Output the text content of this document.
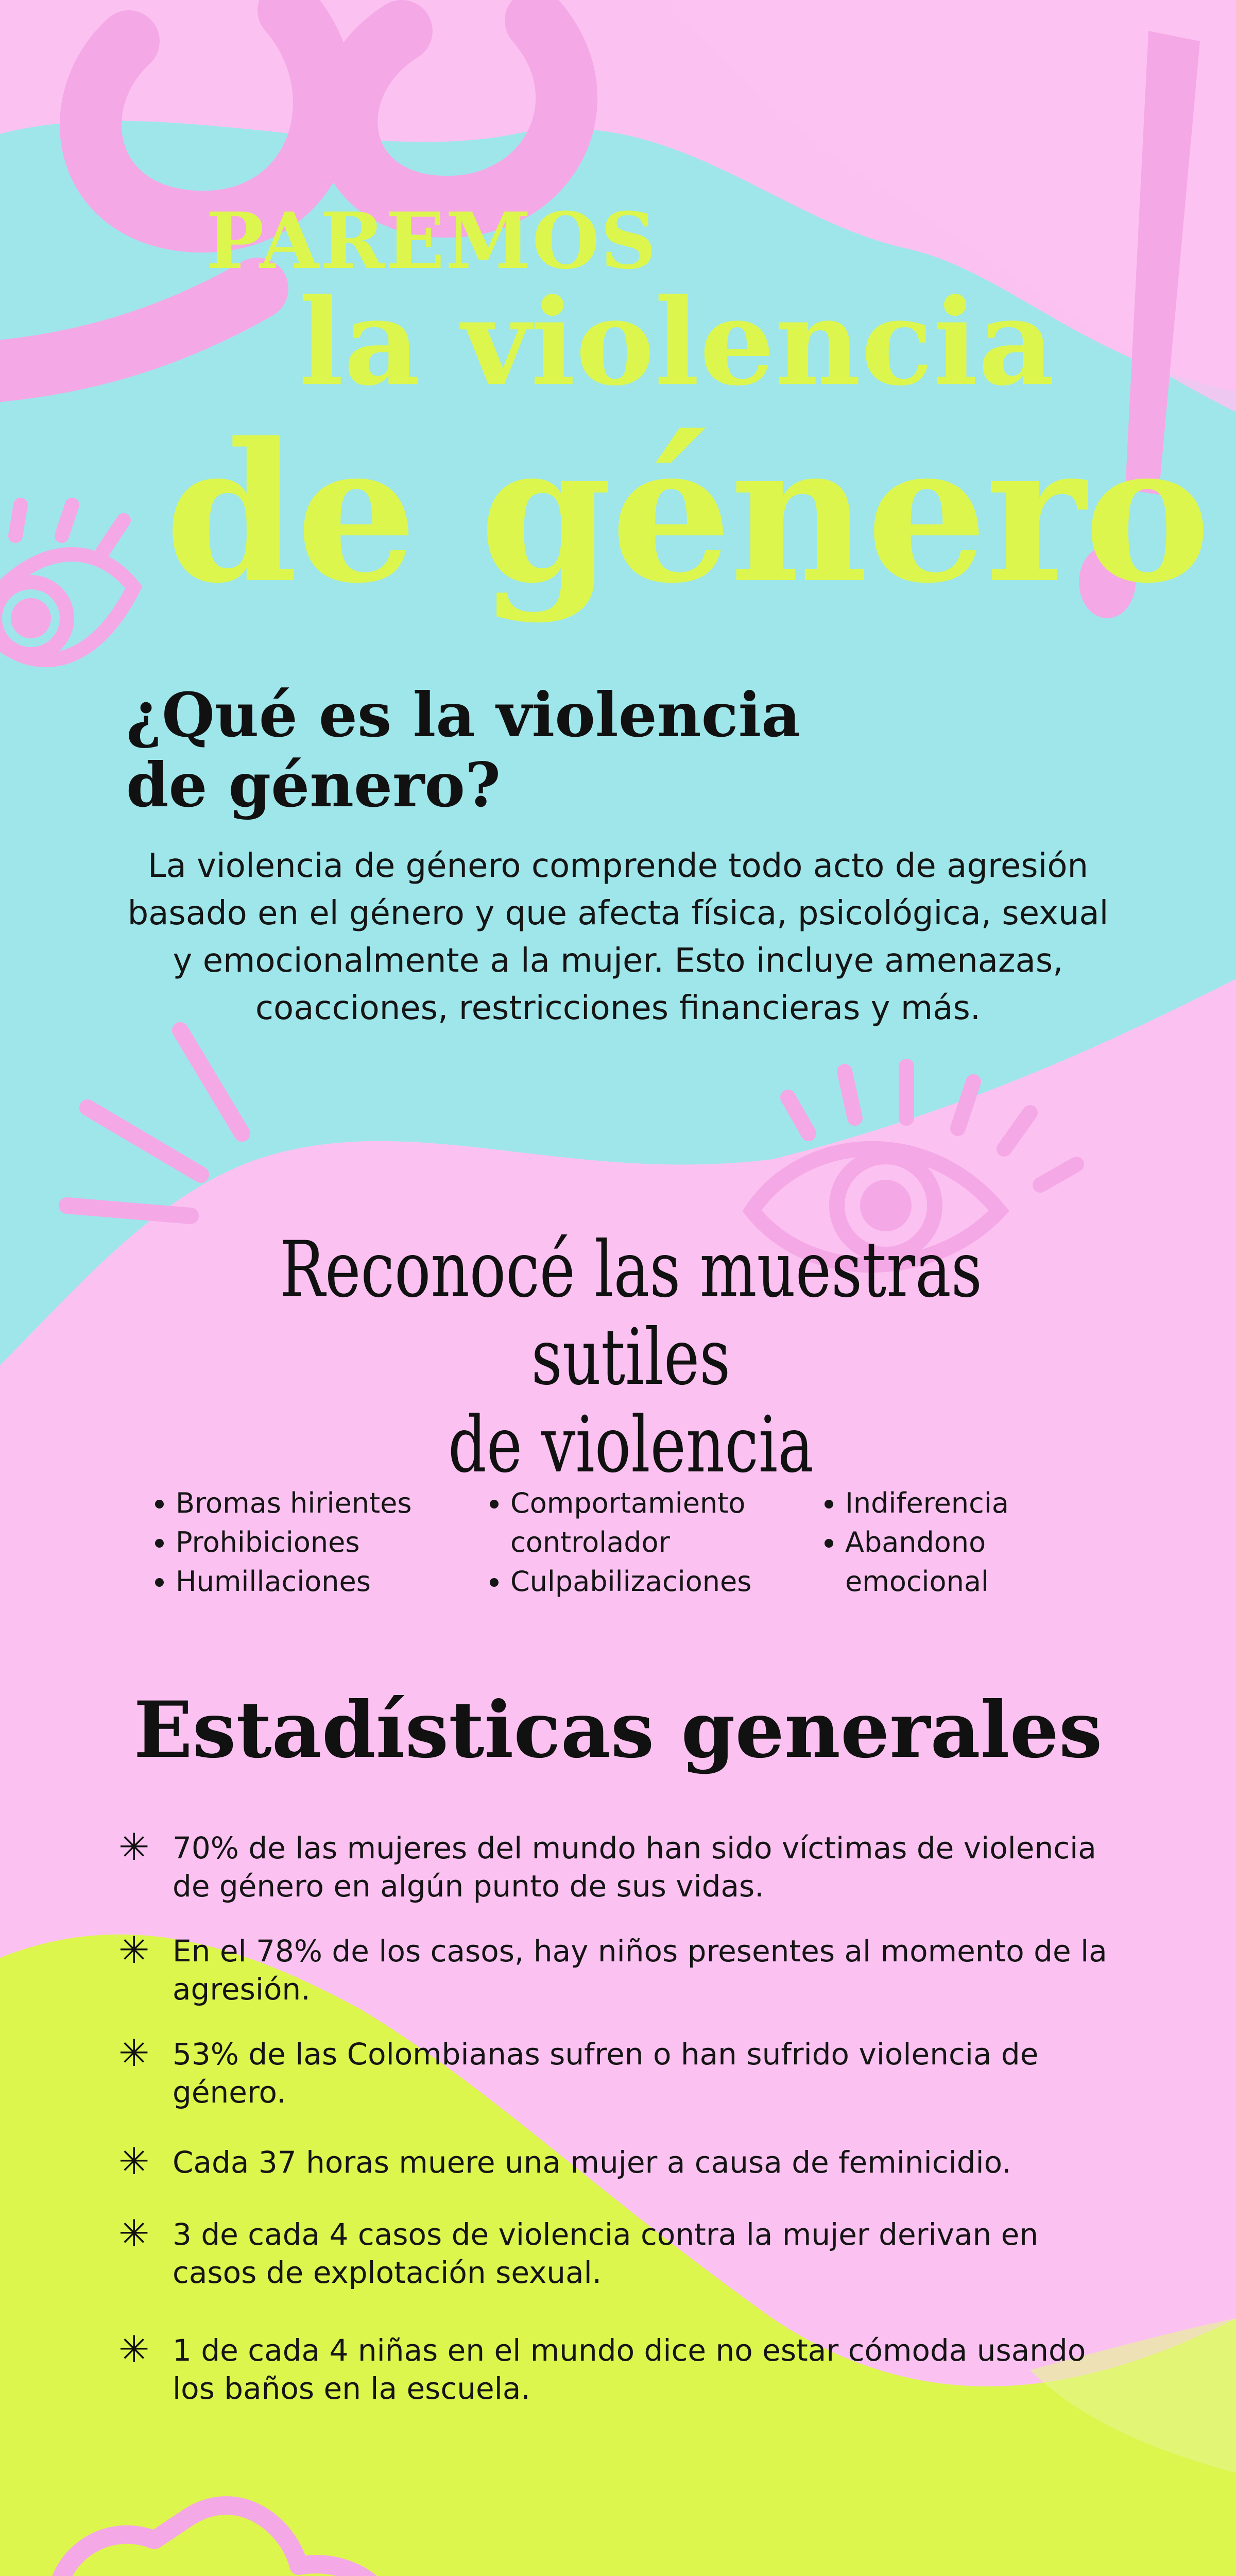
PAREMOS
la violencia
de género
¿Qué es la violencia
de género?
La violencia de género comprende todo acto de agresión basado en el género y que afecta física, psicológica, sexual y emocionalmente a la mujer. Esto incluye amenazas, coacciones, restricciones financieras y más.
Reconocé las muestras sutiles
de violencia
• Bromas hirientes
• Prohibiciones
• Humillaciones
• Comportamiento controlador
• Culpabilizaciones
• Indiferencia
• Abandono emocional
Estadísticas generales
✳ 70% de las mujeres del mundo han sido víctimas de violencia de género en algún punto de sus vidas.
✳ En el 78% de los casos, hay niños presentes al momento de la agresión.
✳ 53% de las Colombianas sufren o han sufrido violencia de género.
✳ Cada 37 horas muere una mujer a causa de feminicidio.
✳ 3 de cada 4 casos de violencia contra la mujer derivan en casos de explotación sexual.
✳ 1 de cada 4 niñas en el mundo dice no estar cómoda usando los baños en la escuela.
